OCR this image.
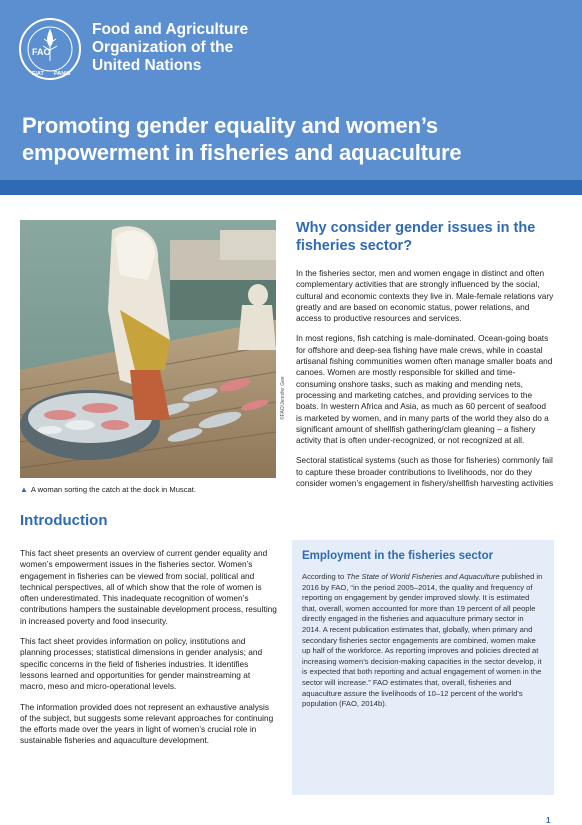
FAO
FIAT PANIS
Food and Agriculture
Organization of the
United Nations
Promoting gender equality and women’s empowerment in fisheries and aquaculture
©FAO/Jennifer Gee
▲ A woman sorting the catch at the dock in Muscat.
Introduction

This fact sheet presents an overview of current gender equality and women’s empowerment issues in the fisheries sector. Women’s engagement in fisheries can be viewed from social, political and technical perspectives, all of which show that the role of women is often underestimated. This inadequate recognition of women’s contributions hampers the sustainable development process, resulting in increased poverty and food insecurity.

This fact sheet provides information on policy, institutions and planning processes; statistical dimensions in gender analysis; and specific concerns in the field of fisheries industries. It identifies lessons learned and opportunities for gender mainstreaming at macro, meso and micro-operational levels.

The information provided does not represent an exhaustive analysis of the subject, but suggests some relevant approaches for continuing the efforts made over the years in light of women’s crucial role in sustainable fisheries and aquaculture development.

Why consider gender issues in the fisheries sector?

In the fisheries sector, men and women engage in distinct and often complementary activities that are strongly influenced by the social, cultural and economic contexts they live in. Male-female relations vary greatly and are based on economic status, power relations, and access to productive resources and services.

In most regions, fish catching is male-dominated. Ocean-going boats for offshore and deep-sea fishing have male crews, while in coastal artisanal fishing communities women often manage smaller boats and canoes. Women are mostly responsible for skilled and time-consuming onshore tasks, such as making and mending nets, processing and marketing catches, and providing services to the boats. In western Africa and Asia, as much as 60 percent of seafood is marketed by women, and in many parts of the world they also do a significant amount of shellfish gathering/clam gleaning – a fishery activity that is often under-recognized, or not recognized at all.

Sectoral statistical systems (such as those for fisheries) commonly fail to capture these broader contributions to livelihoods, nor do they consider women’s engagement in fishery/shellfish harvesting activities

Employment in the fisheries sector
According to The State of World Fisheries and Aquaculture published in 2016 by FAO, “in the period 2005–2014, the quality and frequency of reporting on engagement by gender improved slowly. It is estimated that, overall, women accounted for more than 19 percent of all people directly engaged in the fisheries and aquaculture primary sector in 2014. A recent publication estimates that, globally, when primary and secondary fisheries sector engagements are combined, women make up half of the workforce. As reporting improves and policies directed at increasing women’s decision-making capacities in the sector develop, it is expected that both reporting and actual engagement of women in the sector will increase.” FAO estimates that, overall, fisheries and aquaculture assure the livelihoods of 10–12 percent of the world’s population (FAO, 2014b).
1
